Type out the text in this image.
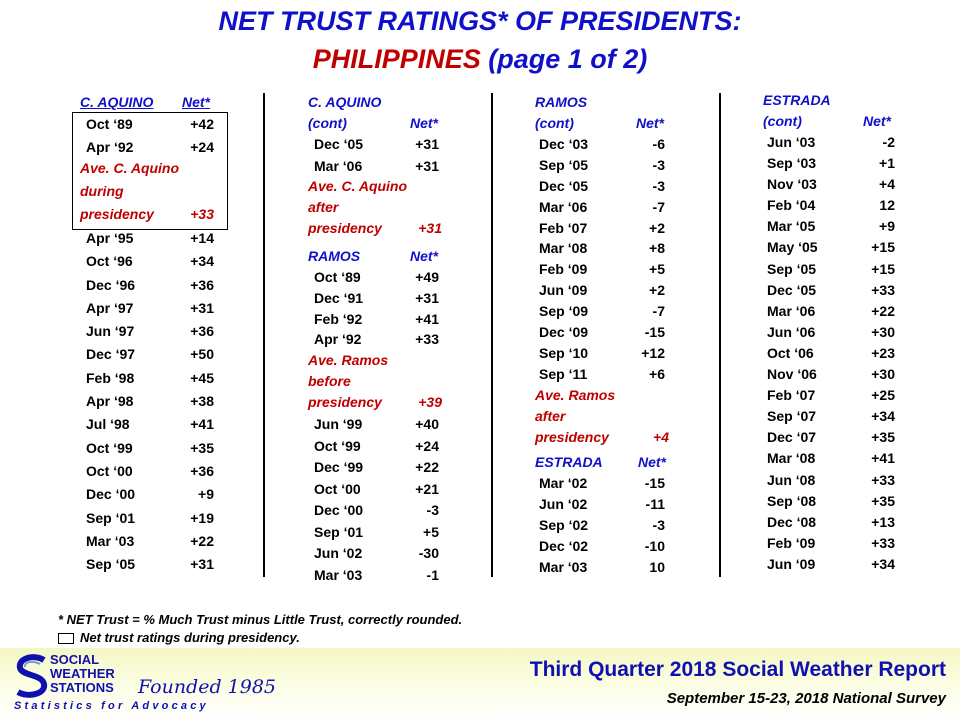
NET TRUST RATINGS* OF PRESIDENTS:
PHILIPPINES (page 1 of 2)
C. AQUINO Net*
Oct ‘89	+42
Apr ‘92	+24
Ave. C. Aquino
during
presidency	+33
Apr ‘95	+14
Oct ‘96	+34
Dec ‘96	+36
Apr ‘97	+31
Jun ‘97	+36
Dec ‘97	+50
Feb ‘98	+45
Apr ‘98	+38
Jul ‘98	+41
Oct ‘99	+35
Oct ‘00	+36
Dec ‘00	+9
Sep ‘01	+19
Mar ‘03	+22
Sep ‘05	+31
C. AQUINO
(cont)	Net*
Dec ‘05	+31
Mar ‘06	+31
Ave. C. Aquino
after
presidency	+31
RAMOS	Net*
Oct ‘89	+49
Dec ‘91	+31
Feb ‘92	+41
Apr ‘92	+33
Ave. Ramos
before
presidency	+39
Jun ‘99	+40
Oct ‘99	+24
Dec ‘99	+22
Oct ‘00	+21
Dec ‘00	-3
Sep ‘01	+5
Jun ‘02	-30
Mar ‘03	-1
RAMOS
(cont)	Net*
Dec ‘03	-6
Sep ‘05	-3
Dec ‘05	-3
Mar ‘06	-7
Feb ‘07	+2
Mar ‘08	+8
Feb ‘09	+5
Jun ‘09	+2
Sep ‘09	-7
Dec ‘09	-15
Sep ‘10	+12
Sep ‘11	+6
Ave. Ramos
after
presidency	+4
ESTRADA	Net*
Mar ‘02	-15
Jun ‘02	-11
Sep ‘02	-3
Dec ‘02	-10
Mar ‘03	10
ESTRADA
(cont)	Net*
Jun ‘03	-2
Sep ‘03	+1
Nov ‘03	+4
Feb ‘04	12
Mar ‘05	+9
May ‘05	+15
Sep ‘05	+15
Dec ‘05	+33
Mar ‘06	+22
Jun ‘06	+30
Oct ‘06	+23
Nov ‘06	+30
Feb ‘07	+25
Sep ‘07	+34
Dec ‘07	+35
Mar ‘08	+41
Jun ‘08	+33
Sep ‘08	+35
Dec ‘08	+13
Feb ‘09	+33
Jun ‘09	+34
* NET Trust = % Much Trust minus Little Trust, correctly rounded.
Net trust ratings during presidency.
SOCIAL
WEATHER
STATIONS Founded 1985
Statistics for Advocacy
Third Quarter 2018 Social Weather Report
September 15-23, 2018 National Survey
